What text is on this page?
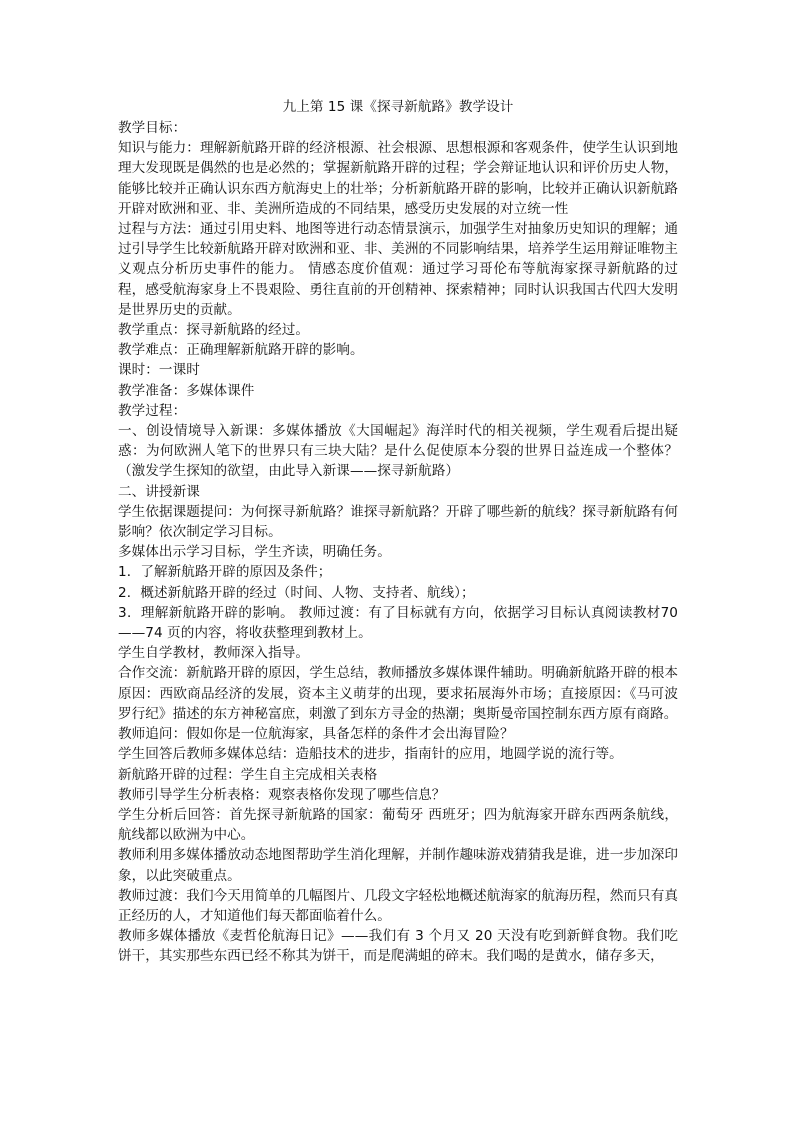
九上第 15 课《探寻新航路》教学设计

教学目标：

知识与能力：理解新航路开辟的经济根源、社会根源、思想根源和客观条件，使学生认识到地理大发现既是偶然的也是必然的；掌握新航路开辟的过程；学会辩证地认识和评价历史人物，能够比较并正确认识东西方航海史上的壮举；分析新航路开辟的影响，比较并正确认识新航路开辟对欧洲和亚、非、美洲所造成的不同结果，感受历史发展的对立统一性

过程与方法：通过引用史料、地图等进行动态情景演示，加强学生对抽象历史知识的理解；通过引导学生比较新航路开辟对欧洲和亚、非、美洲的不同影响结果，培养学生运用辩证唯物主义观点分析历史事件的能力。 情感态度价值观：通过学习哥伦布等航海家探寻新航路的过程，感受航海家身上不畏艰险、勇往直前的开创精神、探索精神；同时认识我国古代四大发明是世界历史的贡献。

教学重点：探寻新航路的经过。

教学难点：正确理解新航路开辟的影响。

课时：一课时

教学准备：多媒体课件

教学过程：

一、创设情境导入新课：多媒体播放《大国崛起》海洋时代的相关视频，学生观看后提出疑惑：为何欧洲人笔下的世界只有三块大陆？是什么促使原本分裂的世界日益连成一个整体？（激发学生探知的欲望，由此导入新课——探寻新航路）

二、讲授新课

学生依据课题提问：为何探寻新航路？谁探寻新航路？开辟了哪些新的航线？探寻新航路有何影响？依次制定学习目标。

多媒体出示学习目标，学生齐读，明确任务。

1．了解新航路开辟的原因及条件；

2．概述新航路开辟的经过（时间、人物、支持者、航线）；

3．理解新航路开辟的影响。 教师过渡：有了目标就有方向，依据学习目标认真阅读教材70——74 页的内容，将收获整理到教材上。

学生自学教材，教师深入指导。

合作交流：新航路开辟的原因，学生总结，教师播放多媒体课件辅助。明确新航路开辟的根本原因：西欧商品经济的发展，资本主义萌芽的出现，要求拓展海外市场；直接原因：《马可波罗行纪》描述的东方神秘富庶，刺激了到东方寻金的热潮；奥斯曼帝国控制东西方原有商路。

教师追问：假如你是一位航海家，具备怎样的条件才会出海冒险？

学生回答后教师多媒体总结：造船技术的进步，指南针的应用，地圆学说的流行等。

新航路开辟的过程：学生自主完成相关表格

教师引导学生分析表格：观察表格你发现了哪些信息？

学生分析后回答：首先探寻新航路的国家：葡萄牙 西班牙；四为航海家开辟东西两条航线，航线都以欧洲为中心。

教师利用多媒体播放动态地图帮助学生消化理解，并制作趣味游戏猜猜我是谁，进一步加深印象，以此突破重点。

教师过渡：我们今天用简单的几幅图片、几段文字轻松地概述航海家的航海历程，然而只有真正经历的人，才知道他们每天都面临着什么。

教师多媒体播放《麦哲伦航海日记》——我们有 3 个月又 20 天没有吃到新鲜食物。我们吃饼干，其实那些东西已经不称其为饼干，而是爬满蛆的碎末。我们喝的是黄水，储存多天，
